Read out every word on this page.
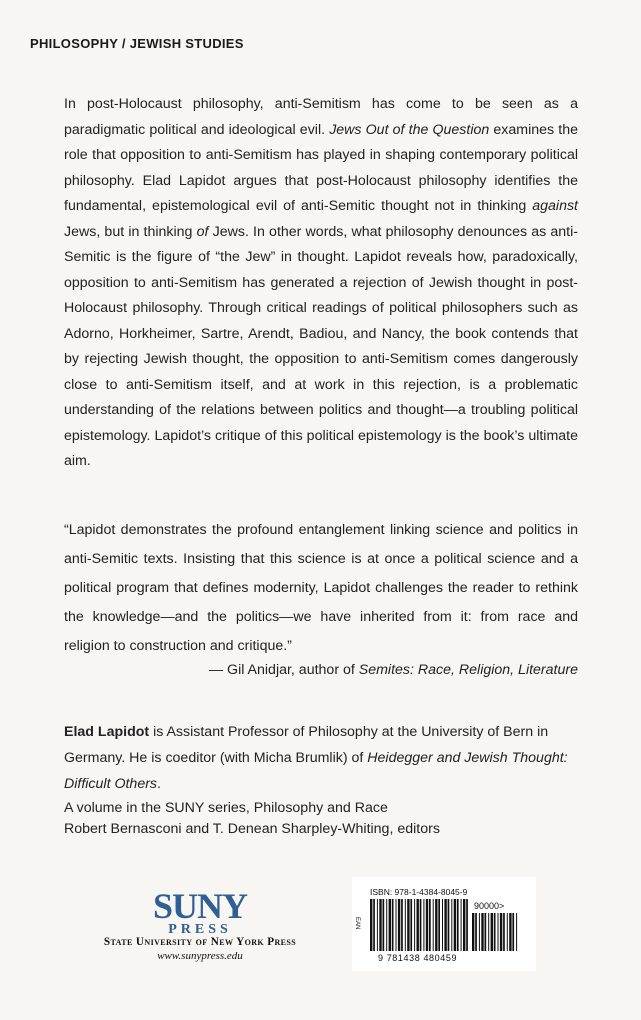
PHILOSOPHY / JEWISH STUDIES
In post-Holocaust philosophy, anti-Semitism has come to be seen as a paradigmatic political and ideological evil. Jews Out of the Question examines the role that opposition to anti-Semitism has played in shaping contemporary political philosophy. Elad Lapidot argues that post-Holocaust philosophy identifies the fundamental, epistemological evil of anti-Semitic thought not in thinking against Jews, but in thinking of Jews. In other words, what philosophy denounces as anti-Semitic is the figure of “the Jew” in thought. Lapidot reveals how, paradoxically, opposition to anti-Semitism has generated a rejection of Jewish thought in post-Holocaust philosophy. Through critical readings of political philosophers such as Adorno, Horkheimer, Sartre, Arendt, Badiou, and Nancy, the book contends that by rejecting Jewish thought, the opposition to anti-Semitism comes dangerously close to anti-Semitism itself, and at work in this rejection, is a problematic understanding of the relations between politics and thought—a troubling political epistemology. Lapidot’s critique of this political epistemology is the book’s ultimate aim.
“Lapidot demonstrates the profound entanglement linking science and politics in anti-Semitic texts. Insisting that this science is at once a political science and a political program that defines modernity, Lapidot challenges the reader to rethink the knowledge—and the politics—we have inherited from it: from race and religion to construction and critique.”
— Gil Anidjar, author of Semites: Race, Religion, Literature
Elad Lapidot is Assistant Professor of Philosophy at the University of Bern in Germany. He is coeditor (with Micha Brumlik) of Heidegger and Jewish Thought: Difficult Others.
A volume in the SUNY series, Philosophy and Race
Robert Bernasconi and T. Denean Sharpley-Whiting, editors
SUNY
PRESS
State University of New York Press
www.sunypress.edu
ISBN: 978-1-4384-8045-9
90000>
EAN
9 781438 480459
